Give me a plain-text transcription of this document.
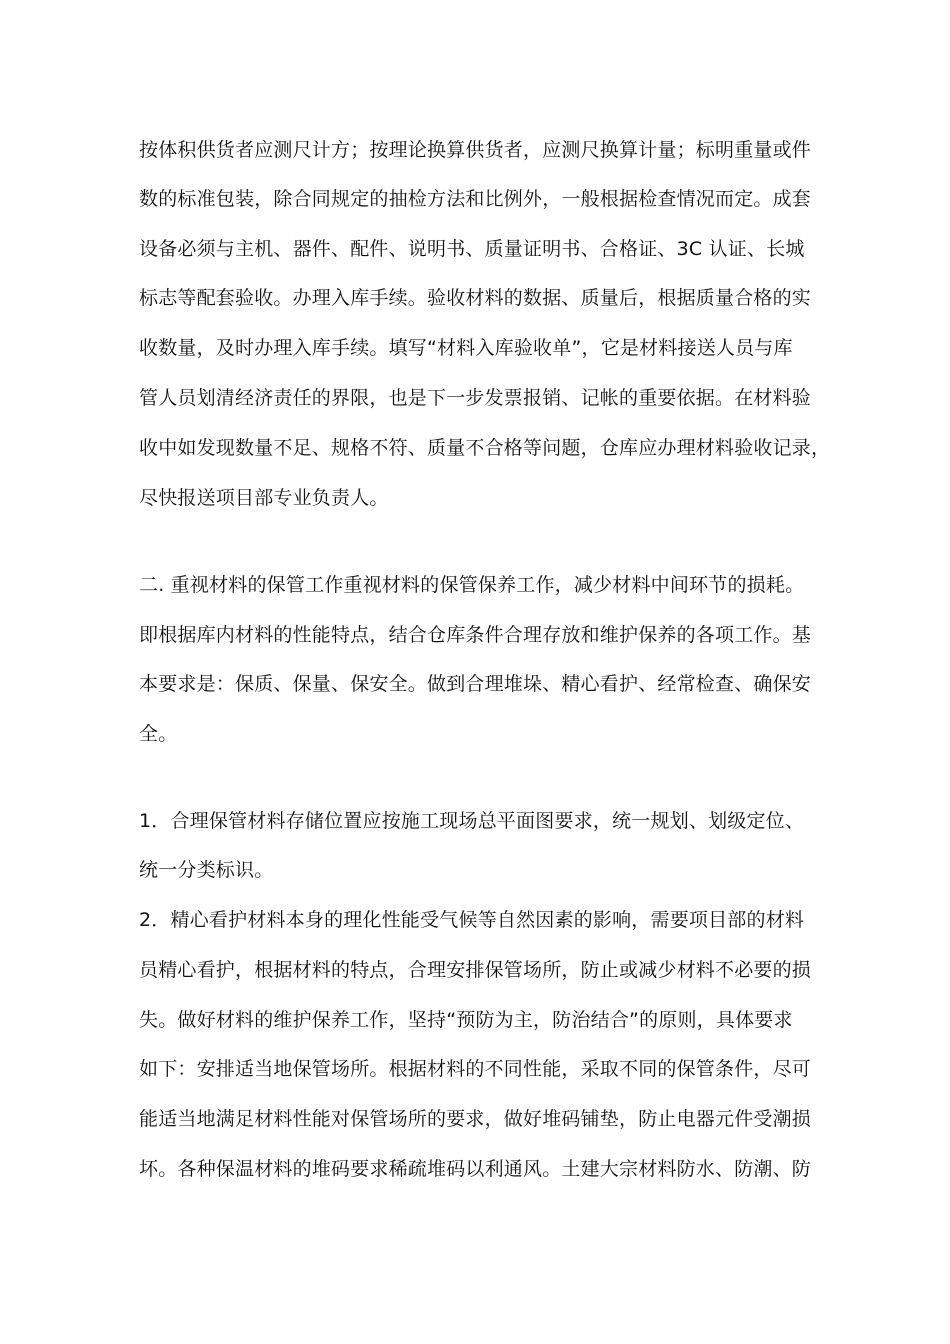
按体积供货者应测尺计方；按理论换算供货者，应测尺换算计量；标明重量或件
数的标准包装，除合同规定的抽检方法和比例外，一般根据检查情况而定。成套
设备必须与主机、器件、配件、说明书、质量证明书、合格证、3C 认证、长城
标志等配套验收。办理入库手续。验收材料的数据、质量后，根据质量合格的实
收数量，及时办理入库手续。填写“材料入库验收单”，它是材料接送人员与库
管人员划清经济责任的界限，也是下一步发票报销、记帐的重要依据。在材料验
收中如发现数量不足、规格不符、质量不合格等问题，仓库应办理材料验收记录，
尽快报送项目部专业负责人。
二. 重视材料的保管工作重视材料的保管保养工作，减少材料中间环节的损耗。
即根据库内材料的性能特点，结合仓库条件合理存放和维护保养的各项工作。基
本要求是：保质、保量、保安全。做到合理堆垛、精心看护、经常检查、确保安
全。
1．合理保管材料存储位置应按施工现场总平面图要求，统一规划、划级定位、
统一分类标识。
2．精心看护材料本身的理化性能受气候等自然因素的影响，需要项目部的材料
员精心看护，根据材料的特点，合理安排保管场所，防止或减少材料不必要的损
失。做好材料的维护保养工作，坚持“预防为主，防治结合”的原则，具体要求
如下：安排适当地保管场所。根据材料的不同性能，采取不同的保管条件，尽可
能适当地满足材料性能对保管场所的要求，做好堆码铺垫，防止电器元件受潮损
坏。各种保温材料的堆码要求稀疏堆码以利通风。土建大宗材料防水、防潮、防
